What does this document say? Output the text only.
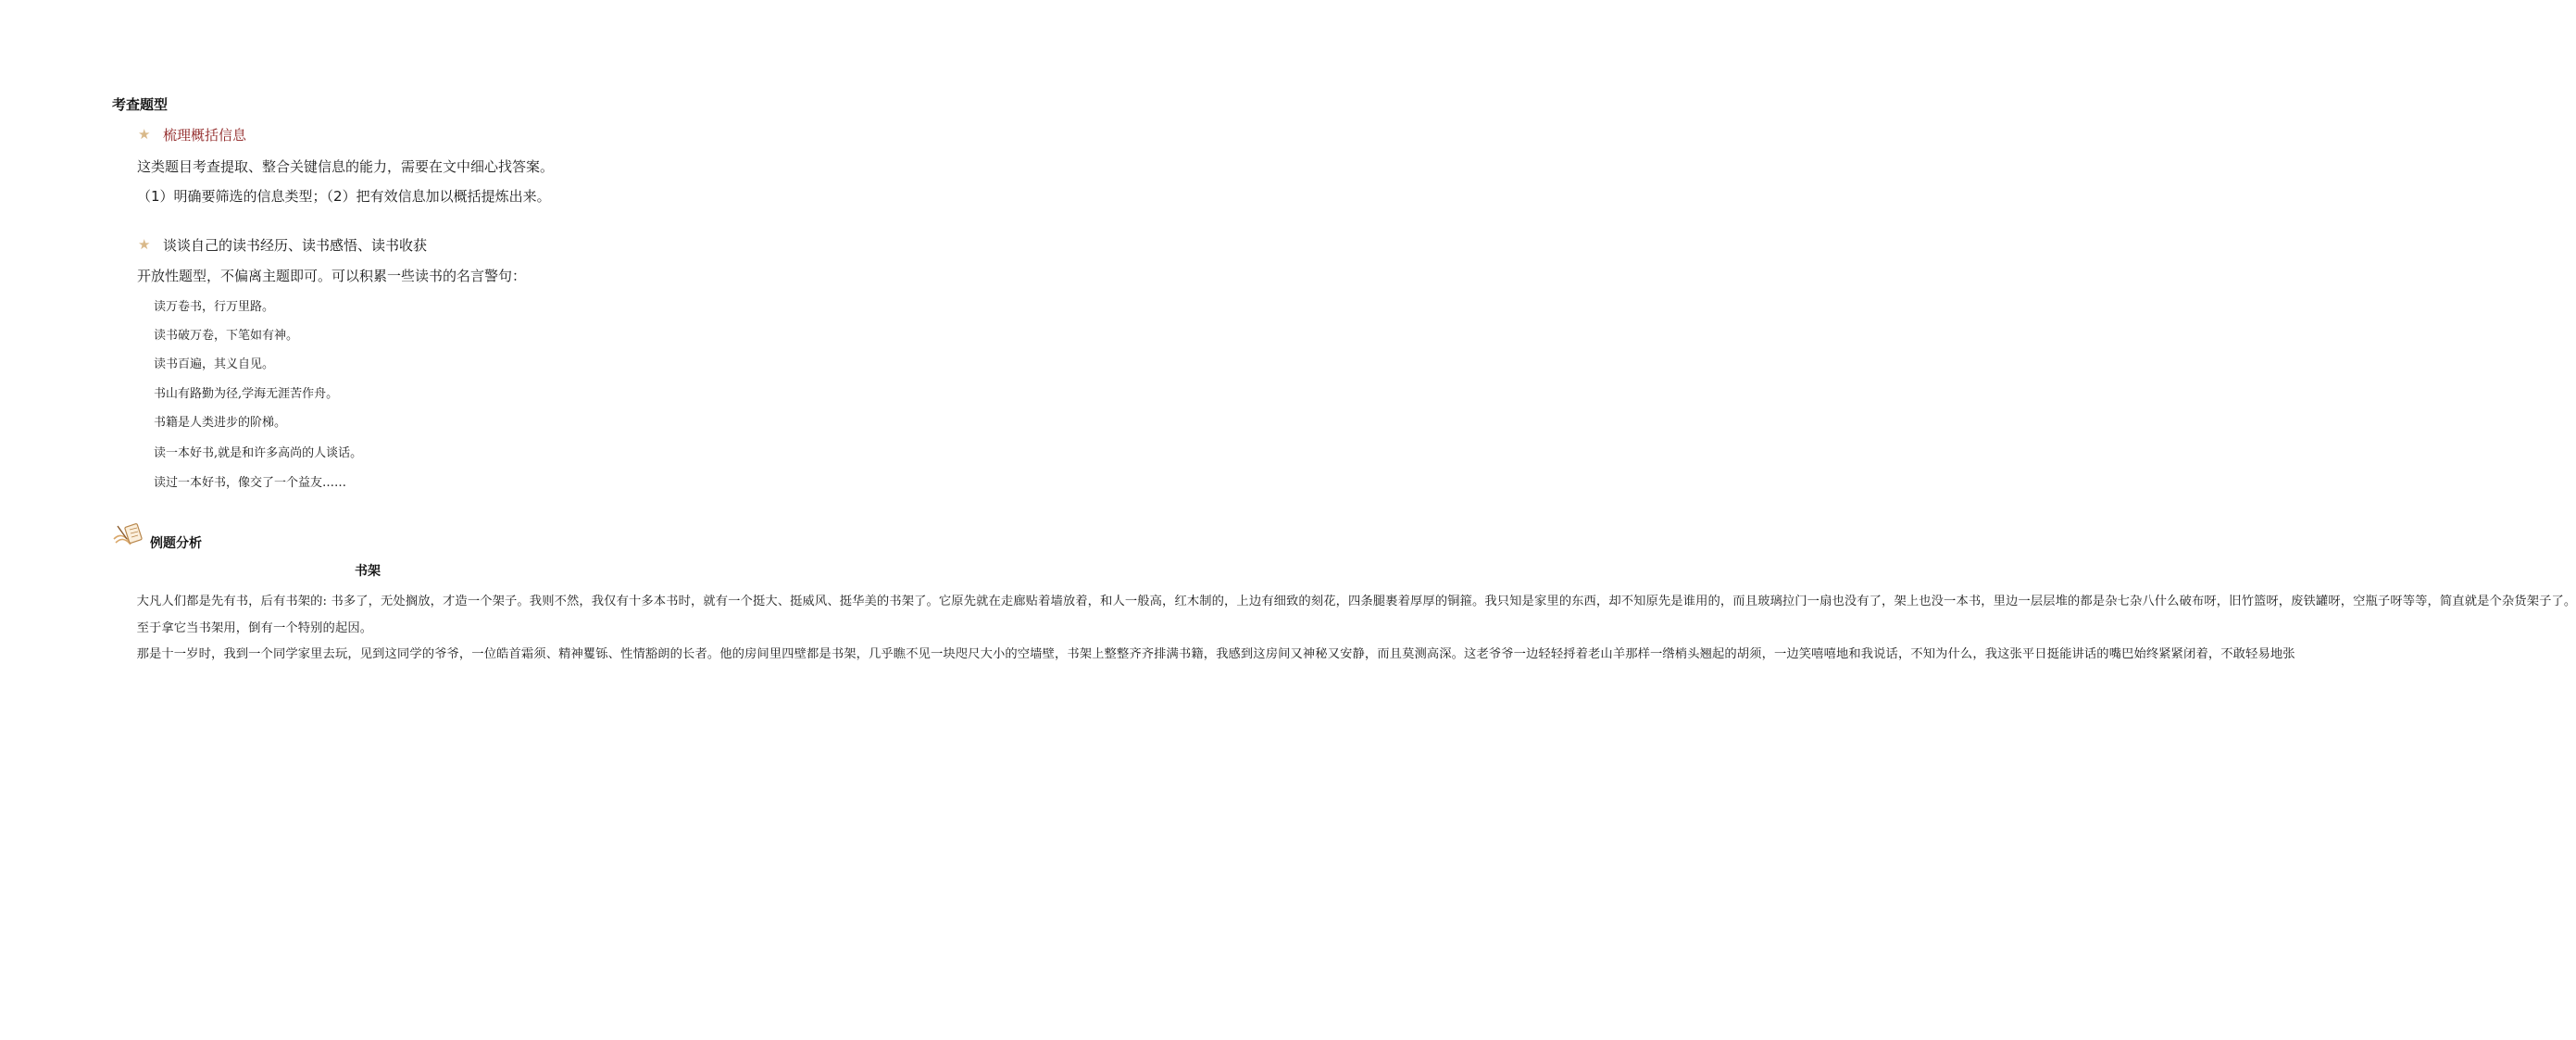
考查题型
★ 梳理概括信息
这类题目考查提取、整合关键信息的能力，需要在文中细心找答案。
（1）明确要筛选的信息类型；（2）把有效信息加以概括提炼出来。
★ 谈谈自己的读书经历、读书感悟、读书收获
开放性题型，不偏离主题即可。可以积累一些读书的名言警句：
读万卷书，行万里路。
读书破万卷，下笔如有神。
读书百遍，其义自见。
书山有路勤为径,学海无涯苦作舟。
书籍是人类进步的阶梯。
读一本好书,就是和许多高尚的人谈话。
读过一本好书，像交了一个益友……
例题分析
书架

大凡人们都是先有书，后有书架的: 书多了，无处搁放，才造一个架子。我则不然，我仅有十多本书时，就有一个挺大、挺威风、挺华美的书架了。它原先就在走廊贴着墙放着，和人一般高，红木制的，上边有细致的刻花，四条腿裹着厚厚的铜箍。我只知是家里的东西，却不知原先是谁用的，而且玻璃拉门一扇也没有了，架上也没一本书，里边一层层堆的都是杂七杂八什么破布呀，旧竹篮呀，废铁罐呀，空瓶子呀等等，简直就是个杂货架子了。

至于拿它当书架用，倒有一个特别的起因。

那是十一岁时，我到一个同学家里去玩，见到这同学的爷爷，一位皓首霜须、精神矍铄、性情豁朗的长者。他的房间里四壁都是书架，几乎瞧不见一块咫尺大小的空墙壁，书架上整整齐齐排满书籍，我感到这房间又神秘又安静，而且莫测高深。这老爷爷一边轻轻捋着老山羊那样一绺梢头翘起的胡须，一边笑嘻嘻地和我说话，不知为什么，我这张平日挺能讲话的嘴巴始终紧紧闭着，不敢轻易地张
